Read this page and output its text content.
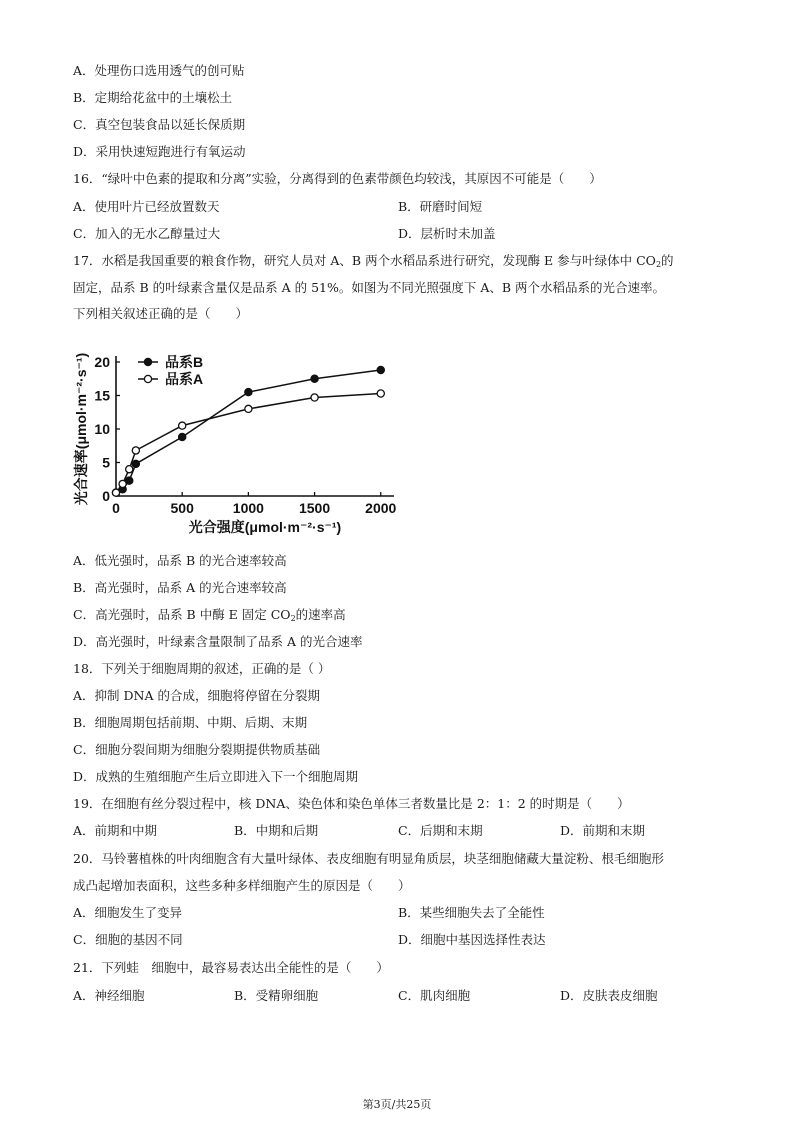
A．处理伤口选用透气的创可贴
B．定期给花盆中的土壤松土
C．真空包装食品以延长保质期
D．采用快速短跑进行有氧运动
16．“绿叶中色素的提取和分离”实验，分离得到的色素带颜色均较浅，其原因不可能是（　　）
A．使用叶片已经放置数天	B．研磨时间短
C．加入的无水乙醇量过大	D．层析时未加盖
17．水稻是我国重要的粮食作物，研究人员对 A、B 两个水稻品系进行研究，发现酶 E 参与叶绿体中 $CO_2$的
固定，品系 B 的叶绿素含量仅是品系 A 的 51%。如图为不同光照强度下 A、B 两个水稻品系的光合速率。
下列相关叙述正确的是（　　）
0	500	1000	1500	2000
0
5
10
15
20
光合强度(μmol·m⁻²·s⁻¹)
光合速率(μmol·m⁻²·s⁻¹)	品系B
品系A
A．低光强时，品系 B 的光合速率较高
B．高光强时，品系 A 的光合速率较高
C．高光强时，品系 B 中酶 E 固定 $CO_2$的速率高
D．高光强时，叶绿素含量限制了品系 A 的光合速率
18．下列关于细胞周期的叙述，正确的是（ ）
A．抑制 DNA 的合成，细胞将停留在分裂期
B．细胞周期包括前期、中期、后期、末期
C．细胞分裂间期为细胞分裂期提供物质基础
D．成熟的生殖细胞产生后立即进入下一个细胞周期
19．在细胞有丝分裂过程中，核 DNA、染色体和染色单体三者数量比是 2：1：2 的时期是（　　）
A．前期和中期	B．中期和后期	C．后期和末期	D．前期和末期
20．马铃薯植株的叶肉细胞含有大量叶绿体、表皮细胞有明显角质层，块茎细胞储藏大量淀粉、根毛细胞形
成凸起增加表面积，这些多种多样细胞产生的原因是（　　）
A．细胞发生了变异	B．某些细胞失去了全能性
C．细胞的基因不同	D．细胞中基因选择性表达
21．下列蛙　细胞中，最容易表达出全能性的是（　　）
A．神经细胞	B．受精卵细胞	C．肌肉细胞	D．皮肤表皮细胞
第3页/共25页
